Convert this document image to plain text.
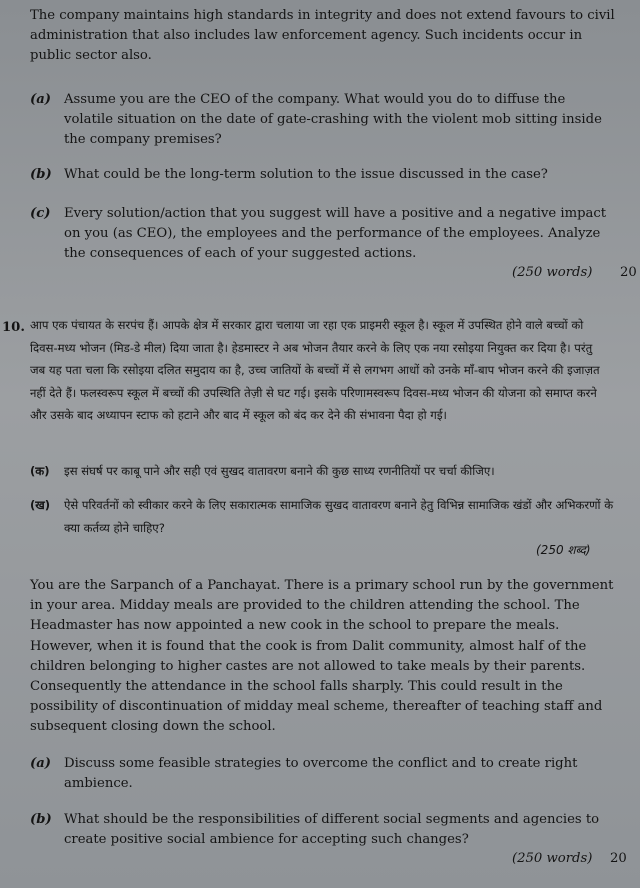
The company maintains high standards in integrity and does not extend favours to civil administration that also includes law enforcement agency. Such incidents occur in public sector also.

(a) Assume you are the CEO of the company. What would you do to diffuse the volatile situation on the date of gate-crashing with the violent mob sitting inside the company premises?
(b) What could be the long-term solution to the issue discussed in the case?
(c) Every solution/action that you suggest will have a positive and a negative impact on you (as CEO), the employees and the performance of the employees. Analyze the consequences of each of your suggested actions.
(250 words) 20
10. आप एक पंचायत के सरपंच हैं। आपके क्षेत्र में सरकार द्वारा चलाया जा रहा एक प्राइमरी स्कूल है। स्कूल में उपस्थित होने वाले बच्चों को दिवस-मध्य भोजन (मिड-डे मील) दिया जाता है। हेडमास्टर ने अब भोजन तैयार करने के लिए एक नया रसोइया नियुक्त कर दिया है। परंतु जब यह पता चला कि रसोइया दलित समुदाय का है, उच्च जातियों के बच्चों में से लगभग आधों को उनके माँ-बाप भोजन करने की इजाज़त नहीं देते हैं। फलस्वरूप स्कूल में बच्चों की उपस्थिति तेज़ी से घट गई। इसके परिणामस्वरूप दिवस-मध्य भोजन की योजना को समाप्त करने और उसके बाद अध्यापन स्टाफ को हटाने और बाद में स्कूल को बंद कर देने की संभावना पैदा हो गई।

(क) इस संघर्ष पर काबू पाने और सही एवं सुखद वातावरण बनाने की कुछ साध्य रणनीतियों पर चर्चा कीजिए।
(ख) ऐसे परिवर्तनों को स्वीकार करने के लिए सकारात्मक सामाजिक सुखद वातावरण बनाने हेतु विभिन्न सामाजिक खंडों और अभिकरणों के क्या कर्तव्य होने चाहिए?
(250 शब्द)

You are the Sarpanch of a Panchayat. There is a primary school run by the government in your area. Midday meals are provided to the children attending the school. The Headmaster has now appointed a new cook in the school to prepare the meals. However, when it is found that the cook is from Dalit community, almost half of the children belonging to higher castes are not allowed to take meals by their parents. Consequently the attendance in the school falls sharply. This could result in the possibility of discontinuation of midday meal scheme, thereafter of teaching staff and subsequent closing down the school.

(a) Discuss some feasible strategies to overcome the conflict and to create right ambience.
(b) What should be the responsibilities of different social segments and agencies to create positive social ambience for accepting such changes?
(250 words) 20
